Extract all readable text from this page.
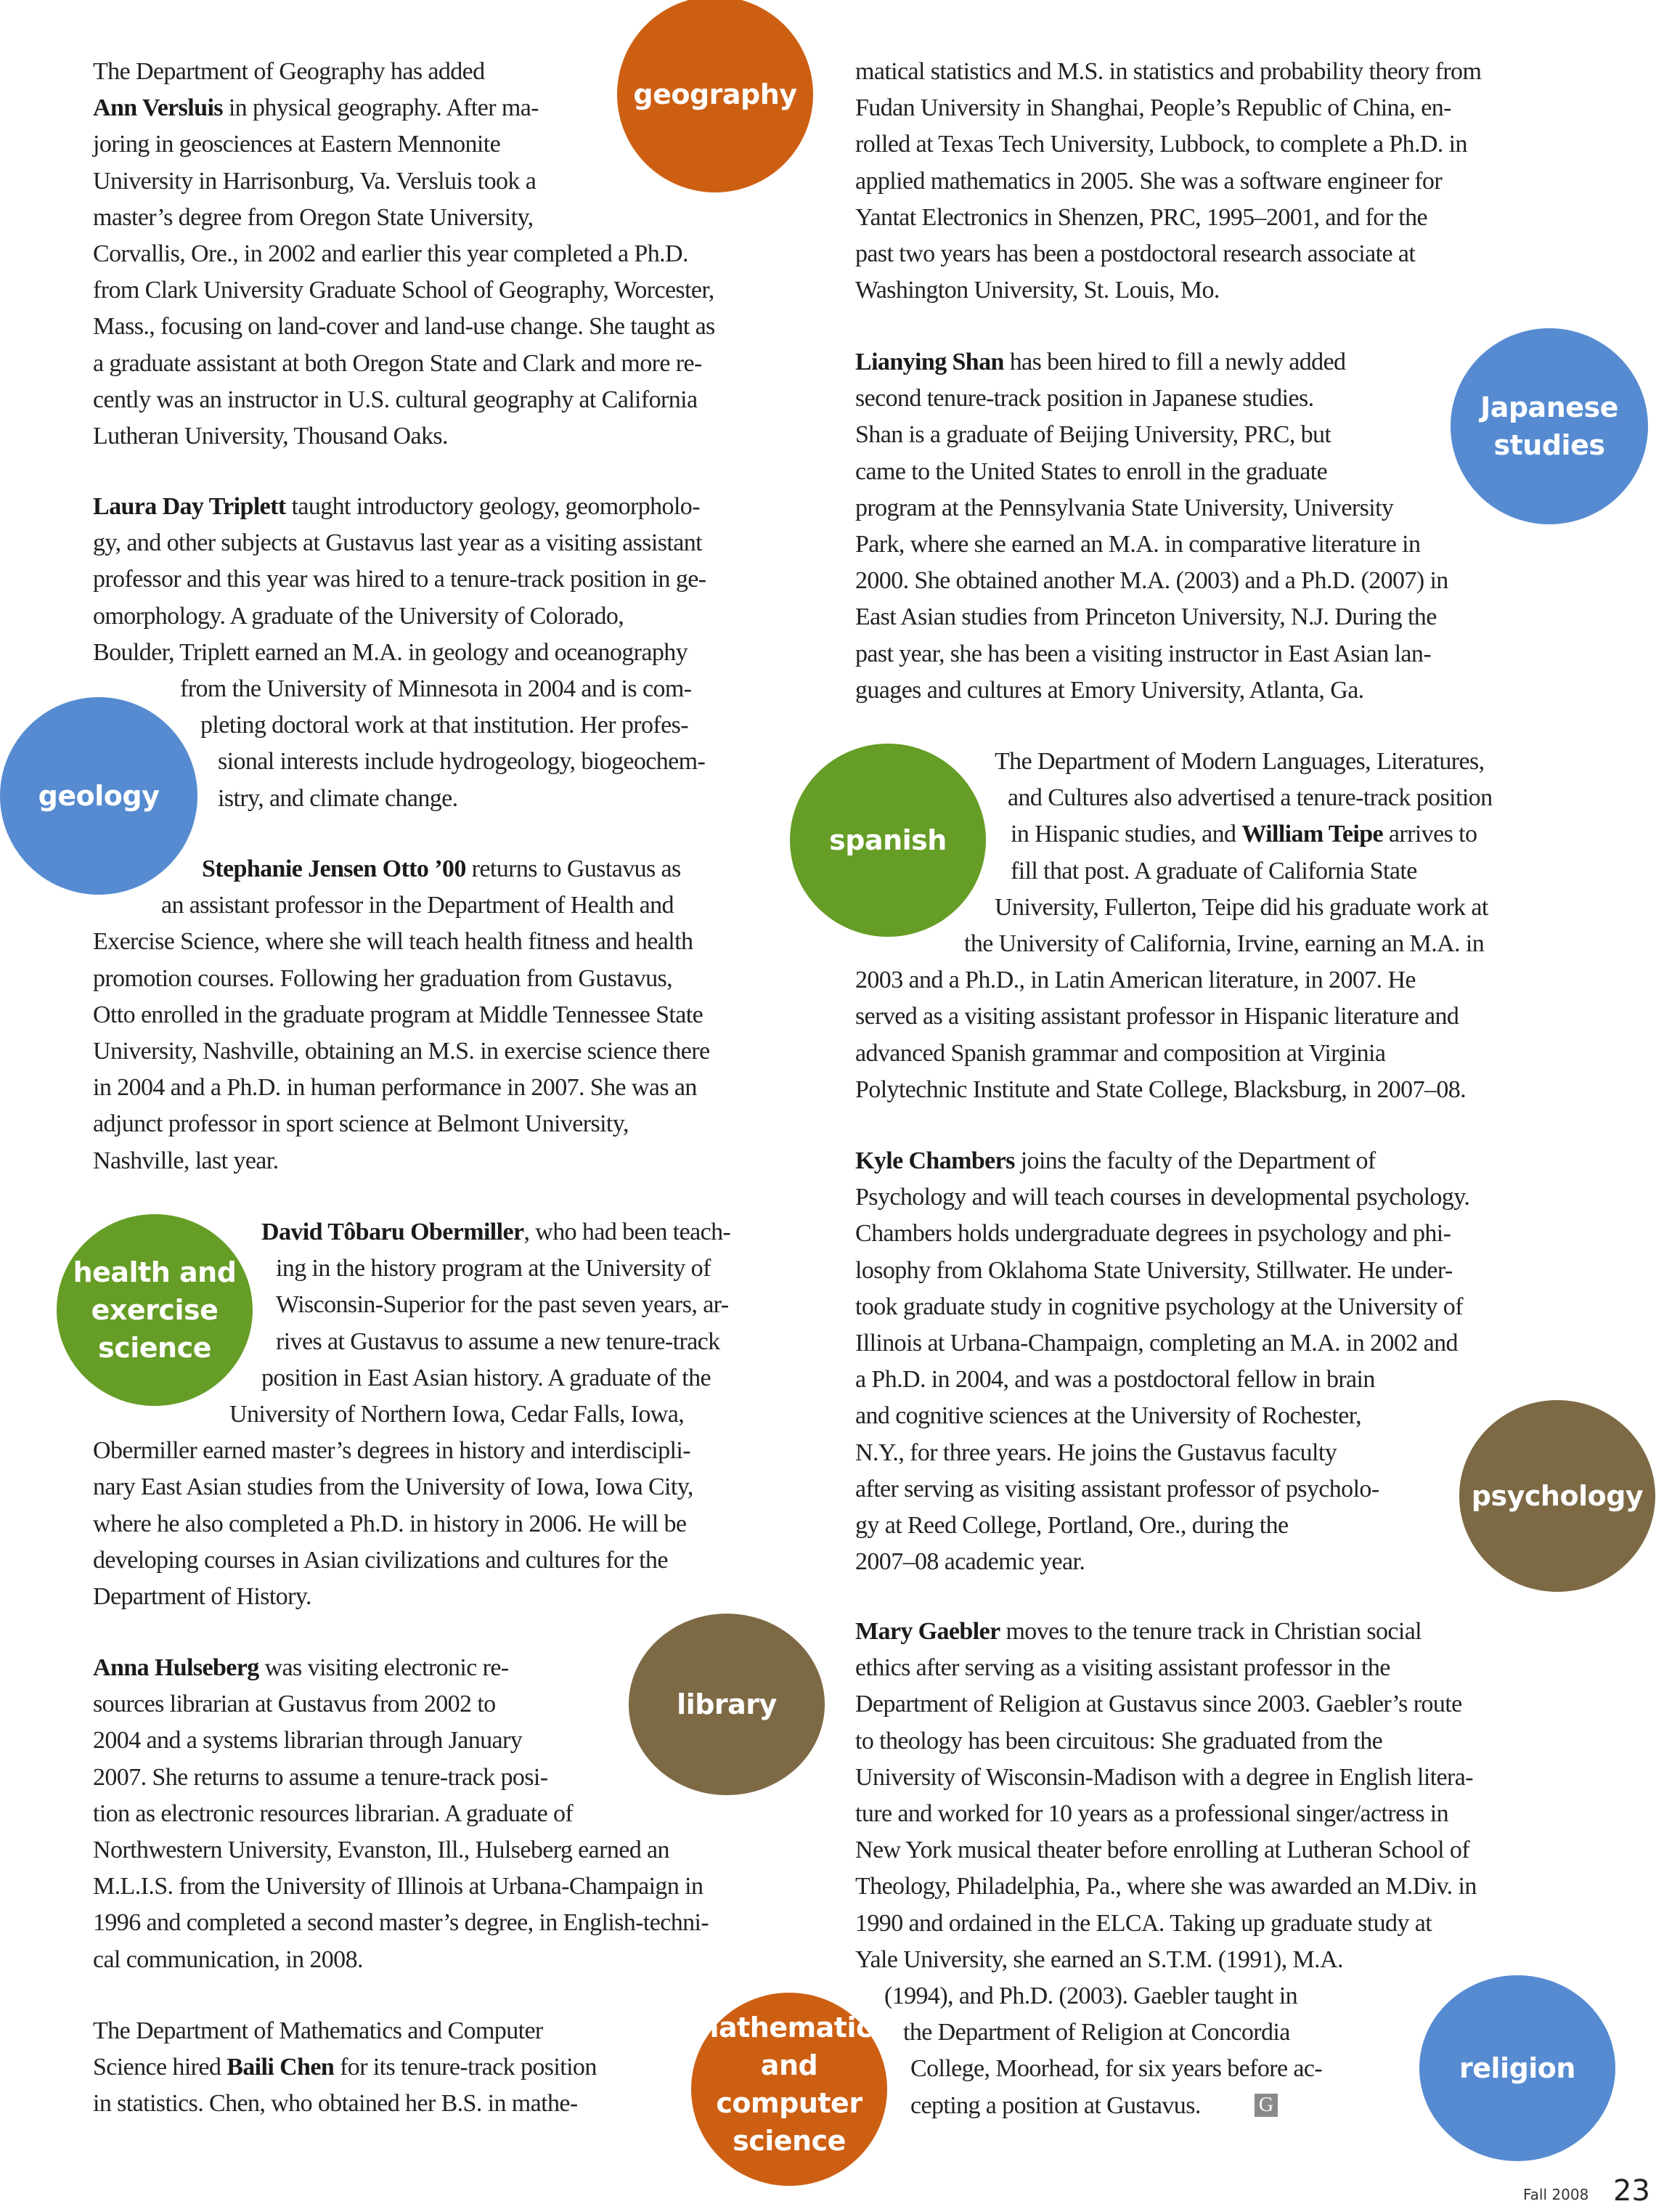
geography
geology
health and
exercise
science
library
mathematics
and
computer
science
Japanese
studies
spanish
psychology
religion
The Department of Geography has added
Ann Versluis in physical geography. After ma-
joring in geosciences at Eastern Mennonite
University in Harrisonburg, Va. Versluis took a
master’s degree from Oregon State University,
Corvallis, Ore., in 2002 and earlier this year completed a Ph.D.
from Clark University Graduate School of Geography, Worcester,
Mass., focusing on land-cover and land-use change. She taught as
a graduate assistant at both Oregon State and Clark and more re-
cently was an instructor in U.S. cultural geography at California
Lutheran University, Thousand Oaks.
Laura Day Triplett taught introductory geology, geomorpholo-
gy, and other subjects at Gustavus last year as a visiting assistant
professor and this year was hired to a tenure-track position in ge-
omorphology. A graduate of the University of Colorado,
Boulder, Triplett earned an M.A. in geology and oceanography
from the University of Minnesota in 2004 and is com-
pleting doctoral work at that institution. Her profes-
sional interests include hydrogeology, biogeochem-
istry, and climate change.
Stephanie Jensen Otto ’00 returns to Gustavus as
an assistant professor in the Department of Health and
Exercise Science, where she will teach health fitness and health
promotion courses. Following her graduation from Gustavus,
Otto enrolled in the graduate program at Middle Tennessee State
University, Nashville, obtaining an M.S. in exercise science there
in 2004 and a Ph.D. in human performance in 2007. She was an
adjunct professor in sport science at Belmont University,
Nashville, last year.
David Tôbaru Obermiller, who had been teach-
ing in the history program at the University of
Wisconsin-Superior for the past seven years, ar-
rives at Gustavus to assume a new tenure-track
position in East Asian history. A graduate of the
University of Northern Iowa, Cedar Falls, Iowa,
Obermiller earned master’s degrees in history and interdiscipli-
nary East Asian studies from the University of Iowa, Iowa City,
where he also completed a Ph.D. in history in 2006. He will be
developing courses in Asian civilizations and cultures for the
Department of History.
Anna Hulseberg was visiting electronic re-
sources librarian at Gustavus from 2002 to
2004 and a systems librarian through January
2007. She returns to assume a tenure-track posi-
tion as electronic resources librarian. A graduate of
Northwestern University, Evanston, Ill., Hulseberg earned an
M.L.I.S. from the University of Illinois at Urbana-Champaign in
1996 and completed a second master’s degree, in English-techni-
cal communication, in 2008.
The Department of Mathematics and Computer
Science hired Baili Chen for its tenure-track position
in statistics. Chen, who obtained her B.S. in mathe-
matical statistics and M.S. in statistics and probability theory from
Fudan University in Shanghai, People’s Republic of China, en-
rolled at Texas Tech University, Lubbock, to complete a Ph.D. in
applied mathematics in 2005. She was a software engineer for
Yantat Electronics in Shenzen, PRC, 1995–2001, and for the
past two years has been a postdoctoral research associate at
Washington University, St. Louis, Mo.
Lianying Shan has been hired to fill a newly added
second tenure-track position in Japanese studies.
Shan is a graduate of Beijing University, PRC, but
came to the United States to enroll in the graduate
program at the Pennsylvania State University, University
Park, where she earned an M.A. in comparative literature in
2000. She obtained another M.A. (2003) and a Ph.D. (2007) in
East Asian studies from Princeton University, N.J. During the
past year, she has been a visiting instructor in East Asian lan-
guages and cultures at Emory University, Atlanta, Ga.
The Department of Modern Languages, Literatures,
and Cultures also advertised a tenure-track position
in Hispanic studies, and William Teipe arrives to
fill that post. A graduate of California State
University, Fullerton, Teipe did his graduate work at
the University of California, Irvine, earning an M.A. in
2003 and a Ph.D., in Latin American literature, in 2007. He
served as a visiting assistant professor in Hispanic literature and
advanced Spanish grammar and composition at Virginia
Polytechnic Institute and State College, Blacksburg, in 2007–08.
Kyle Chambers joins the faculty of the Department of
Psychology and will teach courses in developmental psychology.
Chambers holds undergraduate degrees in psychology and phi-
losophy from Oklahoma State University, Stillwater. He under-
took graduate study in cognitive psychology at the University of
Illinois at Urbana-Champaign, completing an M.A. in 2002 and
a Ph.D. in 2004, and was a postdoctoral fellow in brain
and cognitive sciences at the University of Rochester,
N.Y., for three years. He joins the Gustavus faculty
after serving as visiting assistant professor of psycholo-
gy at Reed College, Portland, Ore., during the
2007–08 academic year.
Mary Gaebler moves to the tenure track in Christian social
ethics after serving as a visiting assistant professor in the
Department of Religion at Gustavus since 2003. Gaebler’s route
to theology has been circuitous: She graduated from the
University of Wisconsin-Madison with a degree in English litera-
ture and worked for 10 years as a professional singer/actress in
New York musical theater before enrolling at Lutheran School of
Theology, Philadelphia, Pa., where she was awarded an M.Div. in
1990 and ordained in the ELCA. Taking up graduate study at
Yale University, she earned an S.T.M. (1991), M.A.
(1994), and Ph.D. (2003). Gaebler taught in
the Department of Religion at Concordia
College, Moorhead, for six years before ac-
cepting a position at Gustavus.	G
Fall 2008 23
